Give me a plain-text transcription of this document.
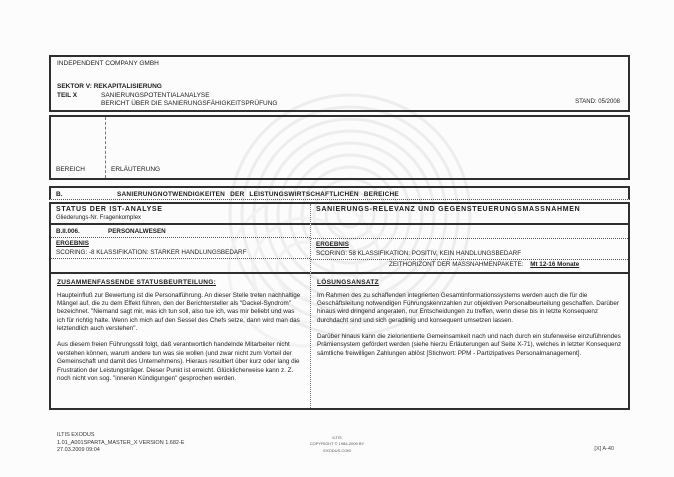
INDEPENDENT COMPANY GMBH
SEKTOR V: REKAPITALISIERUNG
TEIL X	SANIERUNGSPOTENTIALANALYSE
BERICHT ÜBER DIE SANIERUNGSFÄHIGKEITSPRÜFUNG	STAND: 05/2008
BEREICH	ERLÄUTERUNG
B.	SANIERUNGNOTWENDIGKEITEN DER LEISTUNGSWIRTSCHAFTLICHEN BEREICHE
STATUS DER IST-ANALYSE
Gliederungs-Nr. Fragenkomplex
B.II.006.	PERSONALWESEN
ERGEBNIS
SCORING: -8 KLASSIFIKATION: STARKER HANDLUNGSBEDARF
ZUSAMMENFASSENDE STATUSBEURTEILUNG:

Haupteinfluß zur Bewertung ist die Personalführung. An dieser Stelle treten nachhaltige Mängel auf, die zu dem Effekt führen, den der Berichtersteller als "Dackel-Syndrom" bezeichnet. "Niemand sagt mir, was ich tun soll, also tue ich, was mir beliebt und was ich für richtig halte. Wenn ich mich auf den Sessel des Chefs setze, dann wird man das letztendlich auch verstehen".

Aus diesem freien Führungsstil folgt, daß verantwortlich handelnde Mitarbeiter nicht verstehen können, warum andere tun was sie wollen (und zwar nicht zum Vorteil der Gemeinschaft und damit des Unternehmens). Hieraus resultiert über kurz oder lang die Frustration der Leistungsträger. Dieser Punkt ist erreicht. Glücklicherweise kann z. Z. noch nicht von sog. "inneren Kündigungen" gesprochen werden.

SANIERUNGS-RELEVANZ UND GEGENSTEUERUNGSMASSNAHMEN
ERGEBNIS
SCORING: 58 KLASSIFIKATION: POSITIV, KEIN HANDLUNGSBEDARF
ZEITHORIZONT DER MASSNAHMENPAKETE: Mt 12-16 Monate
LÖSUNGSANSATZ

Im Rahmen des zu schaffenden integrierten Gesamtinformationssystems werden auch die für die Geschäftsleitung notwendigen Führungskennzahlen zur objektiven Personalbeurteilung geschaffen. Darüber hinaus wird dringend angeraten, nur Entscheidungen zu treffen, wenn diese bis in letzte Konsequenz durchdacht sind und sich geradlinig und konsequent umsetzen lassen.

Darüber hinaus kann die zielorientierte Gemeinsamkeit nach und nach durch ein stufenweise einzuführendes Prämiensystem gefördert werden (siehe hierzu Erläuterungen auf Seite X-71), welches in letzter Konsequenz sämtliche freiwilligen Zahlungen ablöst [Stichwort: PPM - Partizipatives Personalmanagement].

ILTIS EXODUS
1.01_A001SPARTA_MASTER_X VERSION 1.682-E
27.03.2009 09:04
ILTIS
COPYRIGHT © 1984-2009 BY
EXODUS.COM	[X] A-40
